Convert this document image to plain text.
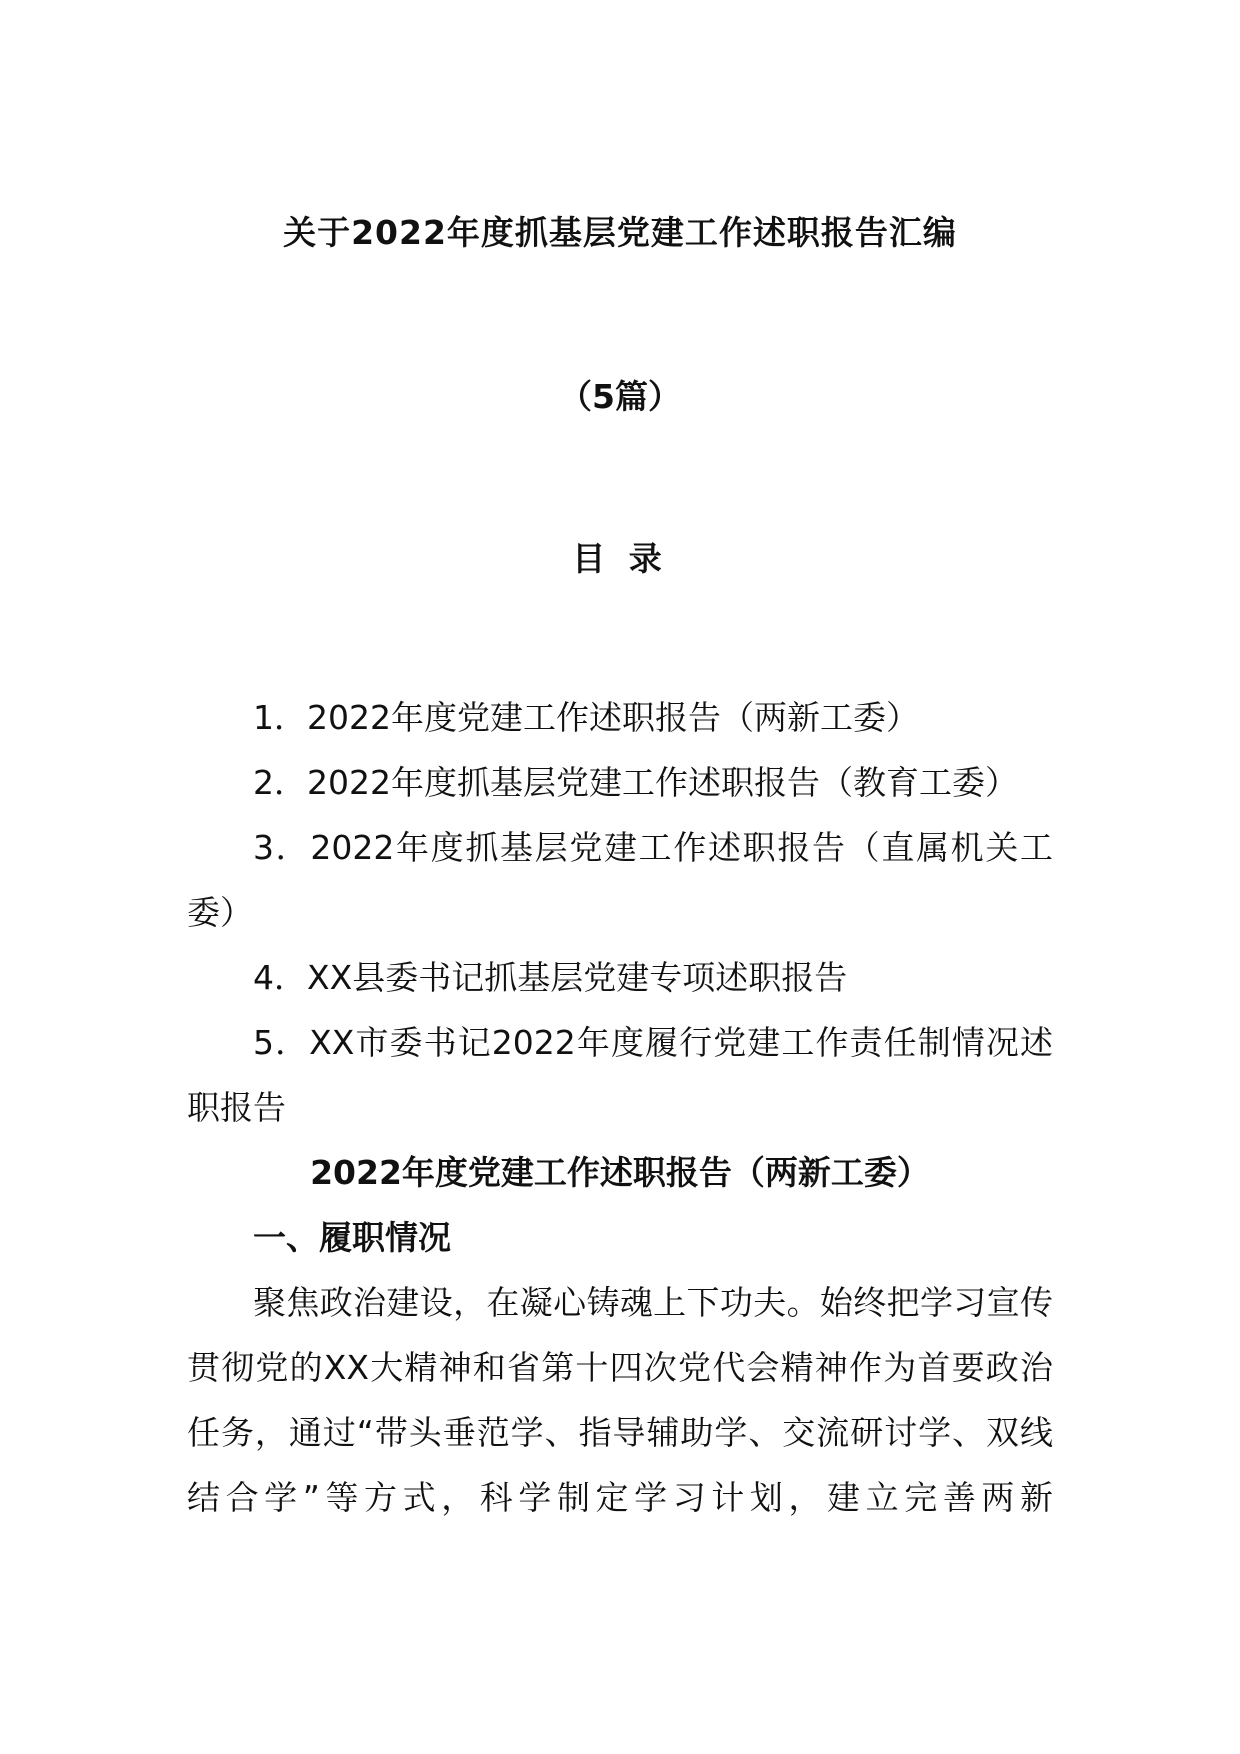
关于2022年度抓基层党建工作述职报告汇编
（5篇）
目 录

1．2022年度党建工作述职报告（两新工委）

2．2022年度抓基层党建工作述职报告（教育工委）

3．2022年度抓基层党建工作述职报告（直属机关工委）

4．XX县委书记抓基层党建专项述职报告

5．XX市委书记2022年度履行党建工作责任制情况述职报告

2022年度党建工作述职报告（两新工委）

一、履职情况

聚焦政治建设，在凝心铸魂上下功夫。始终把学习宣传贯彻党的XX大精神和省第十四次党代会精神作为首要政治任务，通过“带头垂范学、指导辅助学、交流研讨学、双线结合学”等方式，科学制定学习计划，建立完善两新
